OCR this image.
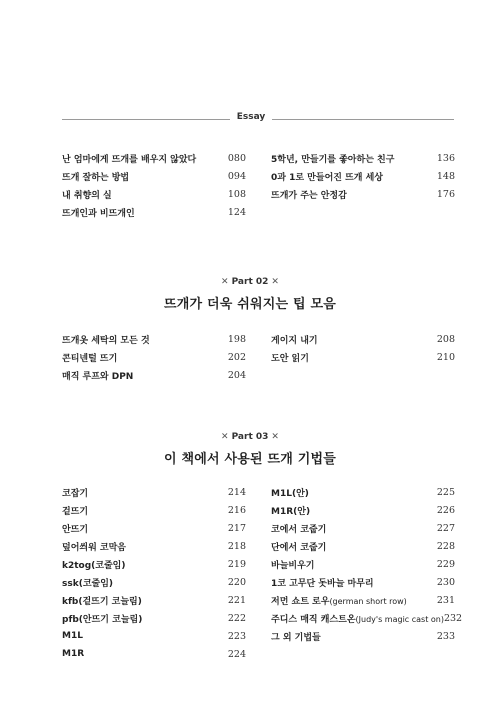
Essay
난 엄마에게 뜨개를 배우지 않았다	080
뜨개 잘하는 방법	094
내 취향의 실	108
뜨개인과 비뜨개인	124
5학년, 만들기를 좋아하는 친구	136
0과 1로 만들어진 뜨개 세상	148
뜨개가 주는 안정감	176
✕ Part 02 ✕
뜨개가 더욱 쉬워지는 팁 모음
뜨개옷 세탁의 모든 것	198
콘티넨털 뜨기	202
매직 루프와 DPN	204
게이지 내기	208
도안 읽기	210
✕ Part 03 ✕
이 책에서 사용된 뜨개 기법들
코잡기	214
겉뜨기	216
안뜨기	217
덮어씌워 코막음	218
k2tog(코줄임)	219
ssk(코줄임)	220
kfb(겉뜨기 코늘림)	221
pfb(안뜨기 코늘림)	222
M1L	223
M1R	224
M1L(안)	225
M1R(안)	226
코에서 코줍기	227
단에서 코줍기	228
바늘비우기	229
1코 고무단 돗바늘 마무리	230
저먼 쇼트 로우(german short row)	231
주디스 매직 캐스트온(Judy's magic cast on) 232
그 외 기법들	233
